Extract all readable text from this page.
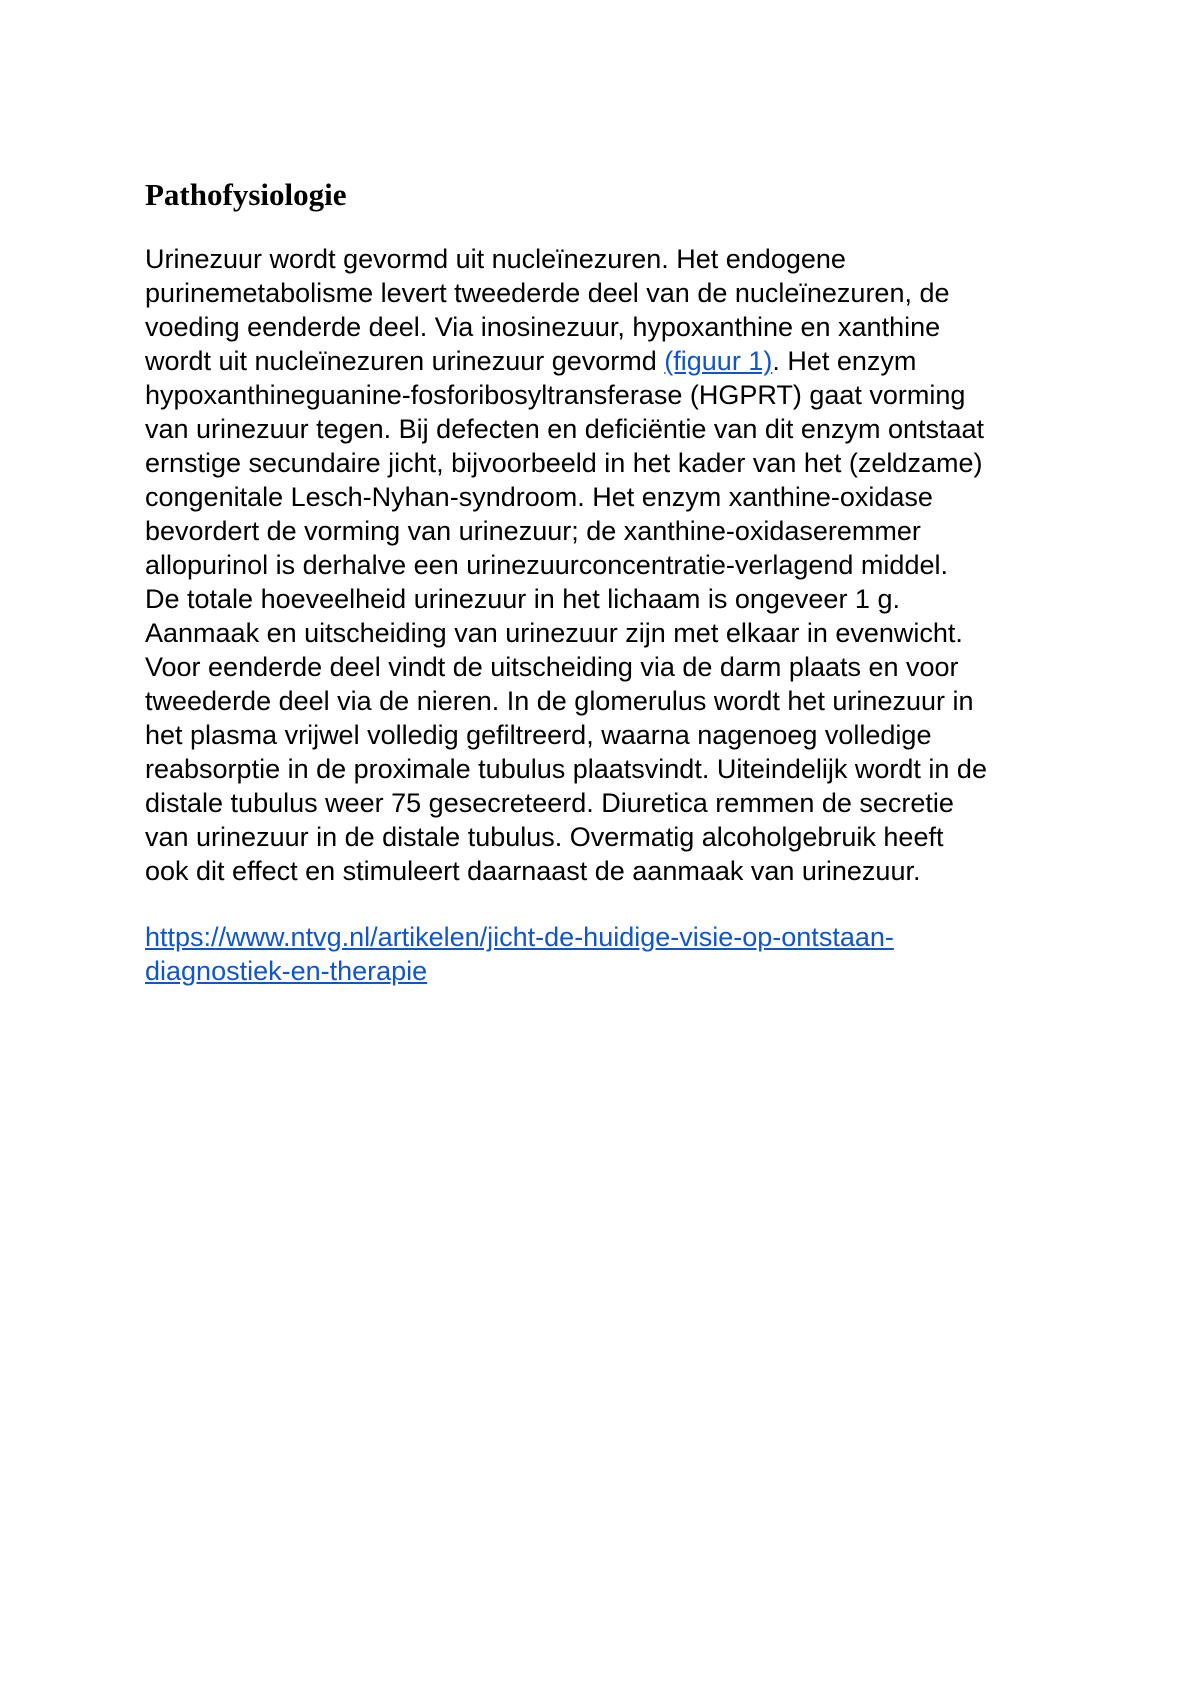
Pathofysiologie

Urinezuur wordt gevormd uit nucleïnezuren. Het endogene
purinemetabolisme levert tweederde deel van de nucleïnezuren, de
voeding eenderde deel. Via inosinezuur, hypoxanthine en xanthine
wordt uit nucleïnezuren urinezuur gevormd (figuur 1). Het enzym
hypoxanthineguanine-fosforibosyltransferase (HGPRT) gaat vorming
van urinezuur tegen. Bij defecten en deficiëntie van dit enzym ontstaat
ernstige secundaire jicht, bijvoorbeeld in het kader van het (zeldzame)
congenitale Lesch-Nyhan-syndroom. Het enzym xanthine-oxidase
bevordert de vorming van urinezuur; de xanthine-oxidaseremmer
allopurinol is derhalve een urinezuurconcentratie-verlagend middel.
De totale hoeveelheid urinezuur in het lichaam is ongeveer 1 g.
Aanmaak en uitscheiding van urinezuur zijn met elkaar in evenwicht.
Voor eenderde deel vindt de uitscheiding via de darm plaats en voor
tweederde deel via de nieren. In de glomerulus wordt het urinezuur in
het plasma vrijwel volledig gefiltreerd, waarna nagenoeg volledige
reabsorptie in de proximale tubulus plaatsvindt. Uiteindelijk wordt in de
distale tubulus weer 75 gesecreteerd. Diuretica remmen de secretie
van urinezuur in de distale tubulus. Overmatig alcoholgebruik heeft
ook dit effect en stimuleert daarnaast de aanmaak van urinezuur.

https://www.ntvg.nl/artikelen/jicht-de-huidige-visie-op-ontstaan-
diagnostiek-en-therapie
